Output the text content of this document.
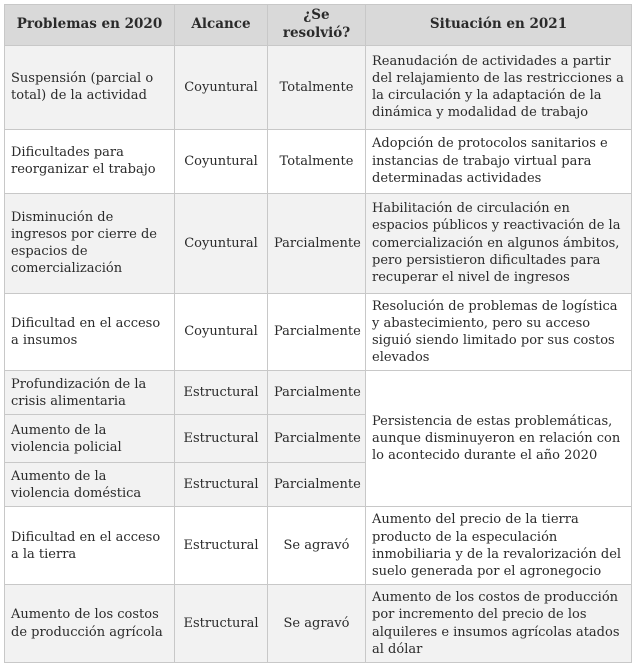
Problemas en 2020	Alcance	¿Se resolvió?	Situación en 2021
Suspensión (parcial o total) de la actividad	Coyuntural	Totalmente	Reanudación de actividades a partir del relajamiento de las restricciones a la circulación y la adaptación de la dinámica y modalidad de trabajo
Dificultades para reorganizar el trabajo	Coyuntural	Totalmente	Adopción de protocolos sanitarios e instancias de trabajo virtual para determinadas actividades
Disminución de ingresos por cierre de espacios de comercialización	Coyuntural	Parcialmente	Habilitación de circulación en espacios públicos y reactivación de la comercialización en algunos ámbitos, pero persistieron dificultades para recuperar el nivel de ingresos
Dificultad en el acceso a insumos	Coyuntural	Parcialmente	Resolución de problemas de logística y abastecimiento, pero su acceso siguió siendo limitado por sus costos elevados
Profundización de la crisis alimentaria	Estructural	Parcialmente	Persistencia de estas problemáticas, aunque disminuyeron en relación con lo acontecido durante el año 2020
Aumento de la violencia policial	Estructural	Parcialmente	
Aumento de la violencia doméstica	Estructural	Parcialmente	
Dificultad en el acceso a la tierra	Estructural	Se agravó	Aumento del precio de la tierra producto de la especulación inmobiliaria y de la revalorización del suelo generada por el agronegocio
Aumento de los costos de producción agrícola	Estructural	Se agravó	Aumento de los costos de producción por incremento del precio de los alquileres e insumos agrícolas atados al dólar
